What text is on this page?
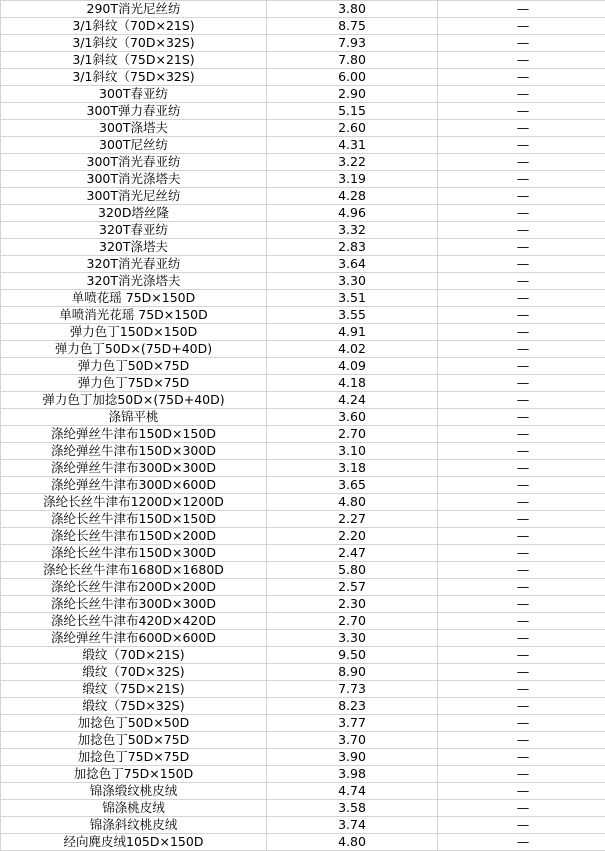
290T消光尼丝纺	3.80	—
3/1斜纹（70D×21S)	8.75	—
3/1斜纹（70D×32S)	7.93	—
3/1斜纹（75D×21S)	7.80	—
3/1斜纹（75D×32S)	6.00	—
300T春亚纺	2.90	—
300T弹力春亚纺	5.15	—
300T涤塔夫	2.60	—
300T尼丝纺	4.31	—
300T消光春亚纺	3.22	—
300T消光涤塔夫	3.19	—
300T消光尼丝纺	4.28	—
320D塔丝隆	4.96	—
320T春亚纺	3.32	—
320T涤塔夫	2.83	—
320T消光春亚纺	3.64	—
320T消光涤塔夫	3.30	—
单喷花瑶 75D×150D	3.51	—
单喷消光花瑶 75D×150D	3.55	—
弹力色丁150D×150D	4.91	—
弹力色丁50D×(75D+40D)	4.02	—
弹力色丁50D×75D	4.09	—
弹力色丁75D×75D	4.18	—
弹力色丁加捻50D×(75D+40D)	4.24	—
涤锦平桃	3.60	—
涤纶弹丝牛津布150D×150D	2.70	—
涤纶弹丝牛津布150D×300D	3.10	—
涤纶弹丝牛津布300D×300D	3.18	—
涤纶弹丝牛津布300D×600D	3.65	—
涤纶长丝牛津布1200D×1200D	4.80	—
涤纶长丝牛津布150D×150D	2.27	—
涤纶长丝牛津布150D×200D	2.20	—
涤纶长丝牛津布150D×300D	2.47	—
涤纶长丝牛津布1680D×1680D	5.80	—
涤纶长丝牛津布200D×200D	2.57	—
涤纶长丝牛津布300D×300D	2.30	—
涤纶长丝牛津布420D×420D	2.70	—
涤纶弹丝牛津布600D×600D	3.30	—
缎纹（70D×21S)	9.50	—
缎纹（70D×32S)	8.90	—
缎纹（75D×21S)	7.73	—
缎纹（75D×32S)	8.23	—
加捻色丁50D×50D	3.77	—
加捻色丁50D×75D	3.70	—
加捻色丁75D×75D	3.90	—
加捻色丁75D×150D	3.98	—
锦涤缎纹桃皮绒	4.74	—
锦涤桃皮绒	3.58	—
锦涤斜纹桃皮绒	3.74	—
经向麂皮绒105D×150D	4.80	—
